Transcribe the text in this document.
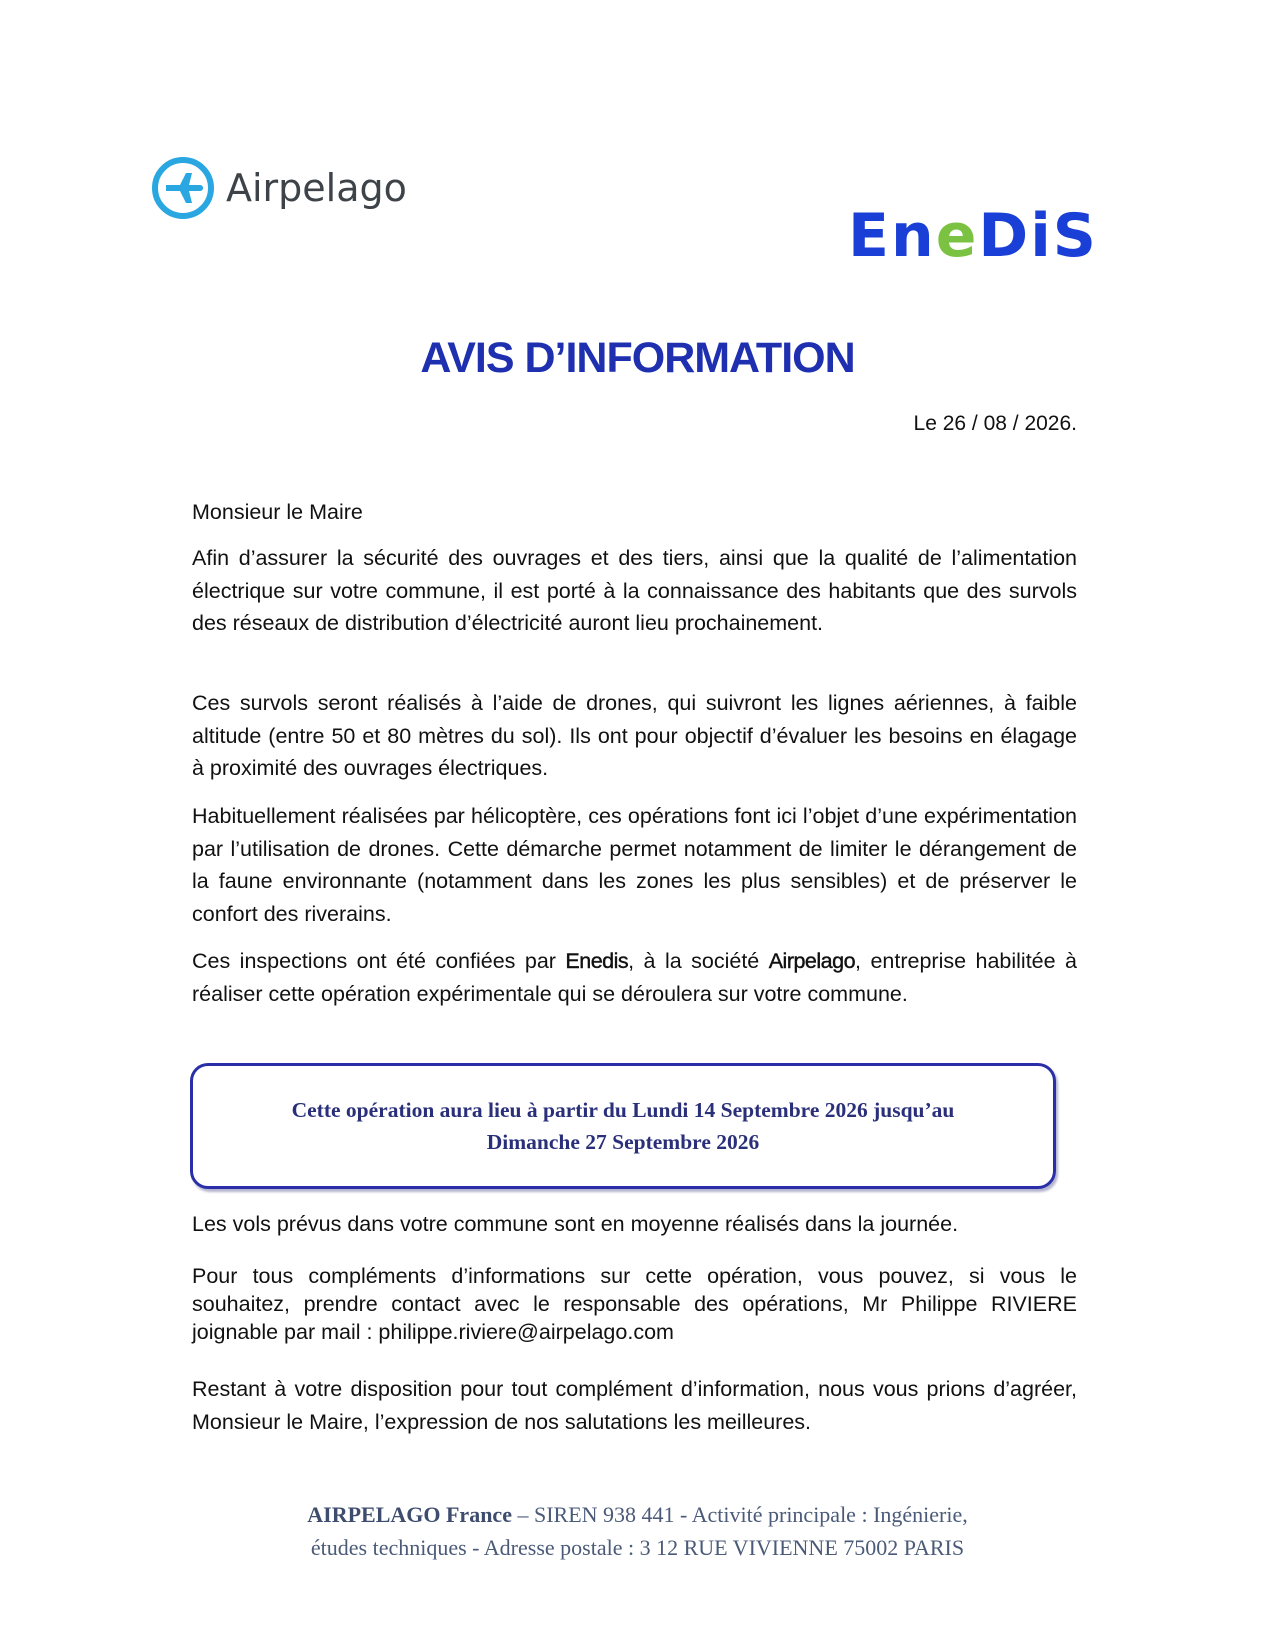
Airpelago
EneDiS
AVIS D’INFORMATION
Le 26 / 08 / 2026.

Monsieur le Maire

Afin d’assurer la sécurité des ouvrages et des tiers, ainsi que la qualité de l’alimentation électrique sur votre commune, il est porté à la connaissance des habitants que des survols des réseaux de distribution d’électricité auront lieu prochainement.

Ces survols seront réalisés à l’aide de drones, qui suivront les lignes aériennes, à faible altitude (entre 50 et 80 mètres du sol). Ils ont pour objectif d’évaluer les besoins en élagage à proximité des ouvrages électriques.

Habituellement réalisées par hélicoptère, ces opérations font ici l’objet d’une expérimentation par l’utilisation de drones. Cette démarche permet notamment de limiter le dérangement de la faune environnante (notamment dans les zones les plus sensibles) et de préserver le confort des riverains.

Ces inspections ont été confiées par Enedis, à la société Airpelago, entreprise habilitée à réaliser cette opération expérimentale qui se déroulera sur votre commune.

Cette opération aura lieu à partir du Lundi 14 Septembre 2026 jusqu’au
Dimanche 27 Septembre 2026

Les vols prévus dans votre commune sont en moyenne réalisés dans la journée.

Pour tous compléments d’informations sur cette opération, vous pouvez, si vous le souhaitez, prendre contact avec le responsable des opérations, Mr Philippe RIVIERE joignable par mail : philippe.riviere@airpelago.com

Restant à votre disposition pour tout complément d’information, nous vous prions d’agréer, Monsieur le Maire, l’expression de nos salutations les meilleures.

AIRPELAGO France – SIREN 938 441 - Activité principale : Ingénierie,
études techniques - Adresse postale : 3 12 RUE VIVIENNE 75002 PARIS
